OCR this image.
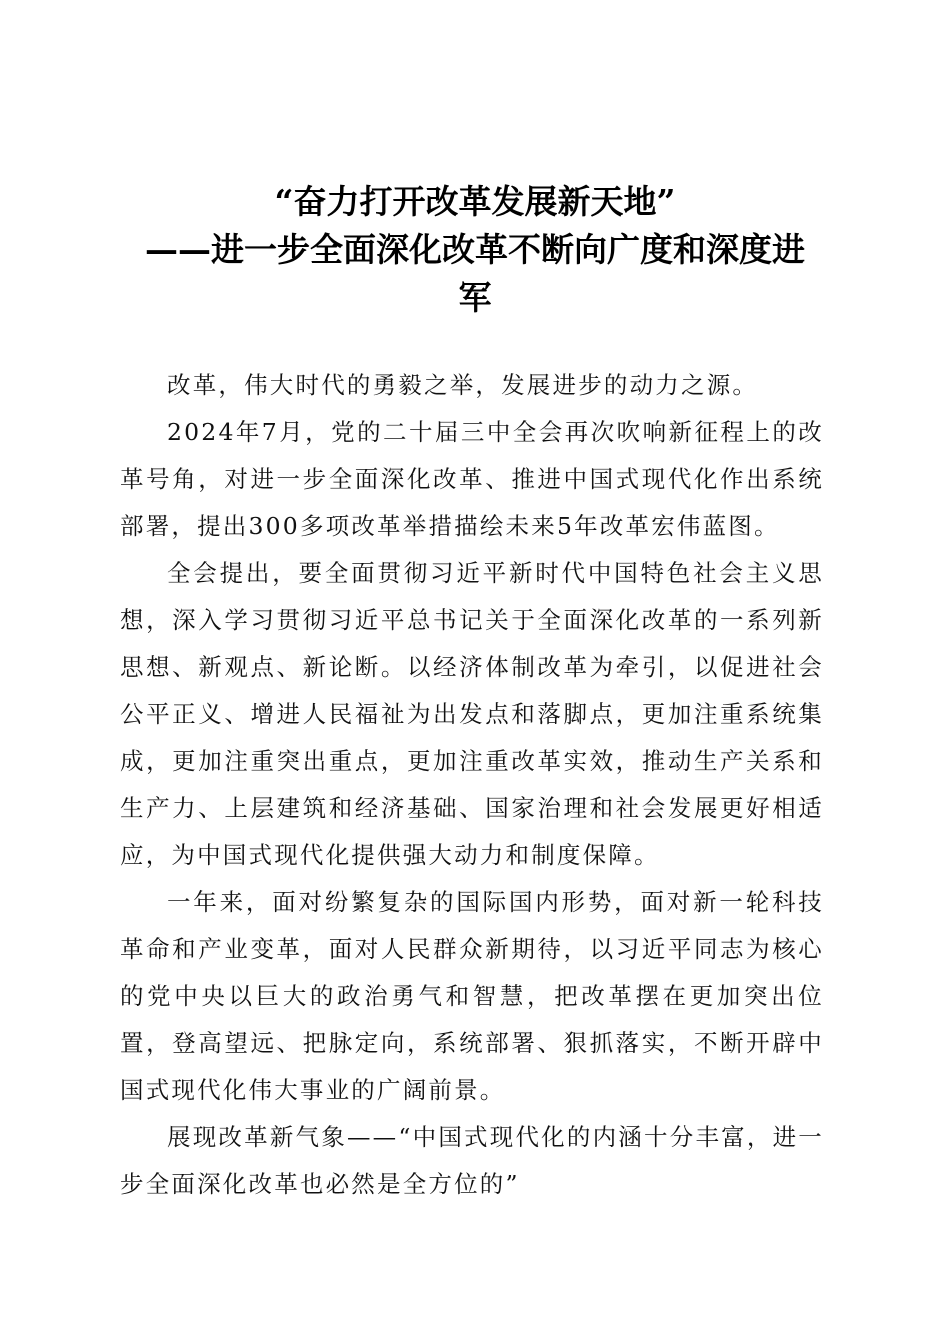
“奋力打开改革发展新天地”
——进一步全面深化改革不断向广度和深度进
军

改革，伟大时代的勇毅之举，发展进步的动力之源。

2024年7月，党的二十届三中全会再次吹响新征程上的改革号角，对进一步全面深化改革、推进中国式现代化作出系统部署，提出300多项改革举措描绘未来5年改革宏伟蓝图。

全会提出，要全面贯彻习近平新时代中国特色社会主义思想，深入学习贯彻习近平总书记关于全面深化改革的一系列新思想、新观点、新论断。以经济体制改革为牵引，以促进社会公平正义、增进人民福祉为出发点和落脚点，更加注重系统集成，更加注重突出重点，更加注重改革实效，推动生产关系和生产力、上层建筑和经济基础、国家治理和社会发展更好相适应，为中国式现代化提供强大动力和制度保障。

一年来，面对纷繁复杂的国际国内形势，面对新一轮科技革命和产业变革，面对人民群众新期待，以习近平同志为核心的党中央以巨大的政治勇气和智慧，把改革摆在更加突出位置，登高望远、把脉定向，系统部署、狠抓落实，不断开辟中国式现代化伟大事业的广阔前景。

展现改革新气象——“中国式现代化的内涵十分丰富，进一步全面深化改革也必然是全方位的”
